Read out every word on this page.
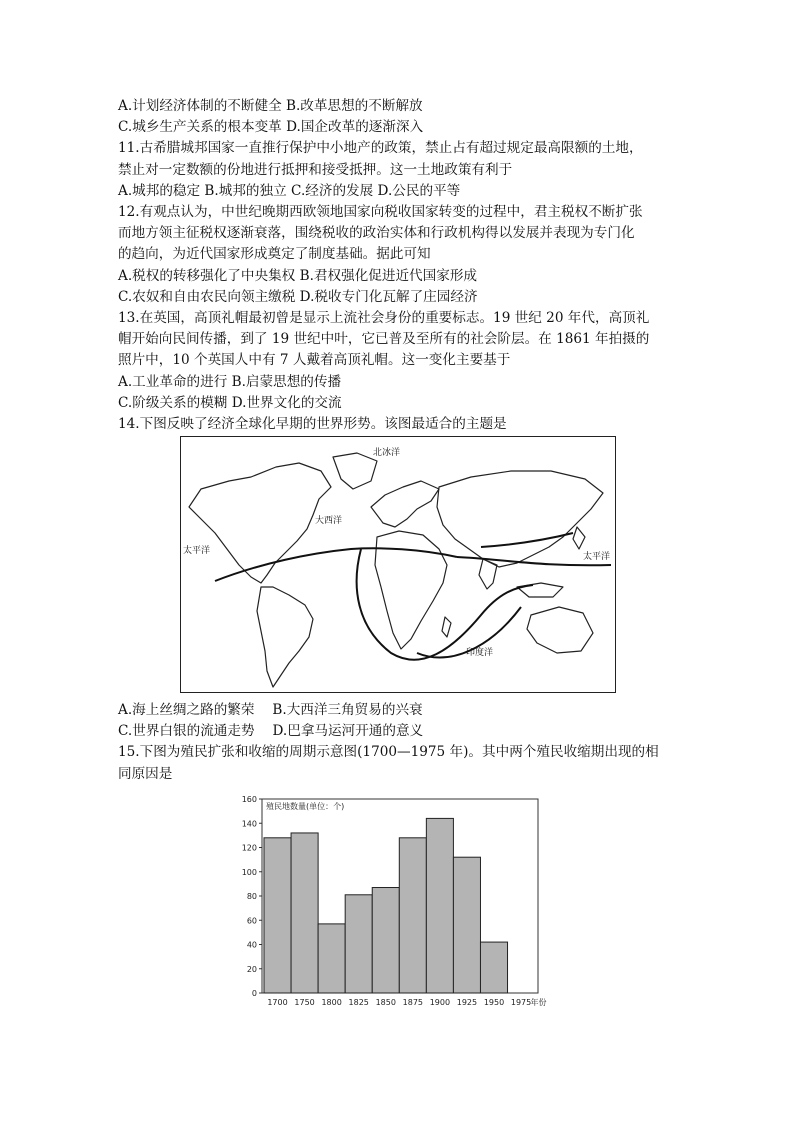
A.计划经济体制的不断健全 B.改革思想的不断解放
C.城乡生产关系的根本变革 D.国企改革的逐渐深入
11.古希腊城邦国家一直推行保护中小地产的政策，禁止占有超过规定最高限额的土地，
禁止对一定数额的份地进行抵押和接受抵押。这一土地政策有利于
A.城邦的稳定 B.城邦的独立 C.经济的发展 D.公民的平等
12.有观点认为，中世纪晚期西欧领地国家向税收国家转变的过程中，君主税权不断扩张
而地方领主征税权逐渐衰落，围绕税收的政治实体和行政机构得以发展并表现为专门化
的趋向，为近代国家形成奠定了制度基础。据此可知
A.税权的转移强化了中央集权 B.君权强化促进近代国家形成
C.农奴和自由农民向领主缴税 D.税收专门化瓦解了庄园经济
13.在英国，高顶礼帽最初曾是显示上流社会身份的重要标志。19 世纪 20 年代，高顶礼
帽开始向民间传播，到了 19 世纪中叶，它已普及至所有的社会阶层。在 1861 年拍摄的
照片中，10 个英国人中有 7 人戴着高顶礼帽。这一变化主要基于
A.工业革命的进行 B.启蒙思想的传播
C.阶级关系的模糊 D.世界文化的交流
14.下图反映了经济全球化早期的世界形势。该图最适合的主题是
北冰洋
大西洋
太平洋
太平洋
印度洋
A.海上丝绸之路的繁荣　 B.大西洋三角贸易的兴衰
C.世界白银的流通走势　 D.巴拿马运河开通的意义
15.下图为殖民扩张和收缩的周期示意图(1700—1975 年)。其中两个殖民收缩期出现的相
同原因是
0
20
40
60
80
100
120
140
160
殖民地数量(单位：个)
1700 1750 1800 1825 1850 1875 1900 1925 1950 1975 年份
